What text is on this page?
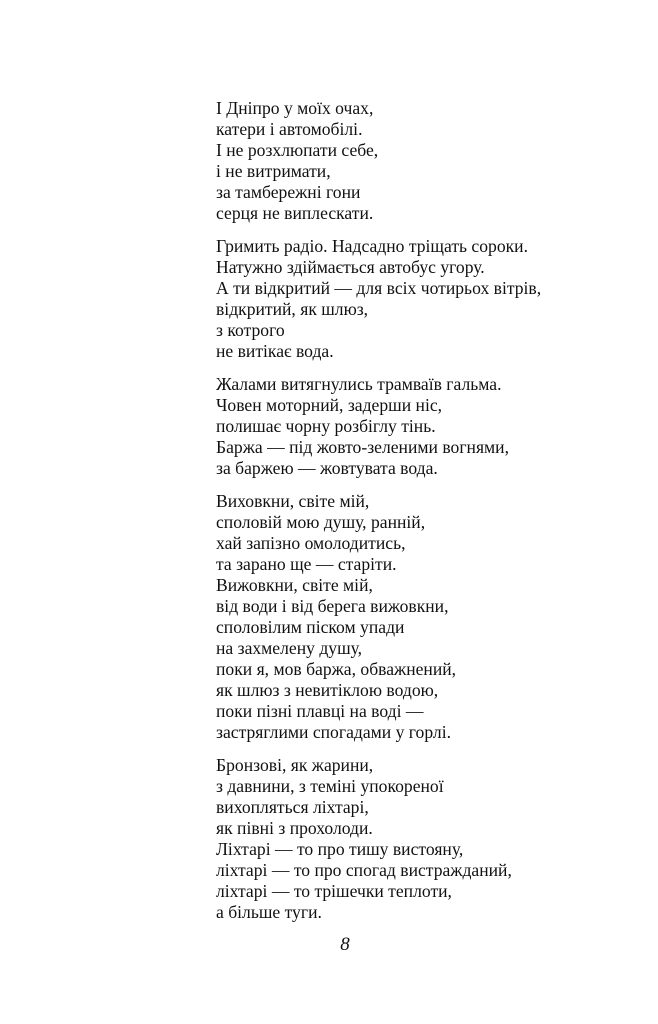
І Дніпро у моїх очах,
катери і автомобілі.
І не розхлюпати себе,
і не витримати,
за тамбережні гони
серця не виплескати.
Гримить радіо. Надсадно тріщать сороки.
Натужно здіймається автобус угору.
А ти відкритий — для всіх чотирьох вітрів,
відкритий, як шлюз,
з котрого
не витікає вода.
Жалами витягнулись трамваїв гальма.
Човен моторний, задерши ніс,
полишає чорну розбіглу тінь.
Баржа — під жовто-зеленими вогнями,
за баржею — жовтувата вода.
Виховкни, світе мій,
споловій мою душу, ранній,
хай запізно омолодитись,
та зарано ще — старіти.
Вижовкни, світе мій,
від води і від берега вижовкни,
споловілим піском упади
на захмелену душу,
поки я, мов баржа, обважнений,
як шлюз з невитіклою водою,
поки пізні плавці на воді —
застряглими спогадами у горлі.
Бронзові, як жарини,
з давнини, з темінi упокореної
вихопляться ліхтарі,
як півні з прохолоди.
Ліхтарі — то про тишу вистояну,
ліхтарі — то про спогад вистражданий,
ліхтарі — то трішечки теплоти,
а більше туги.
8
